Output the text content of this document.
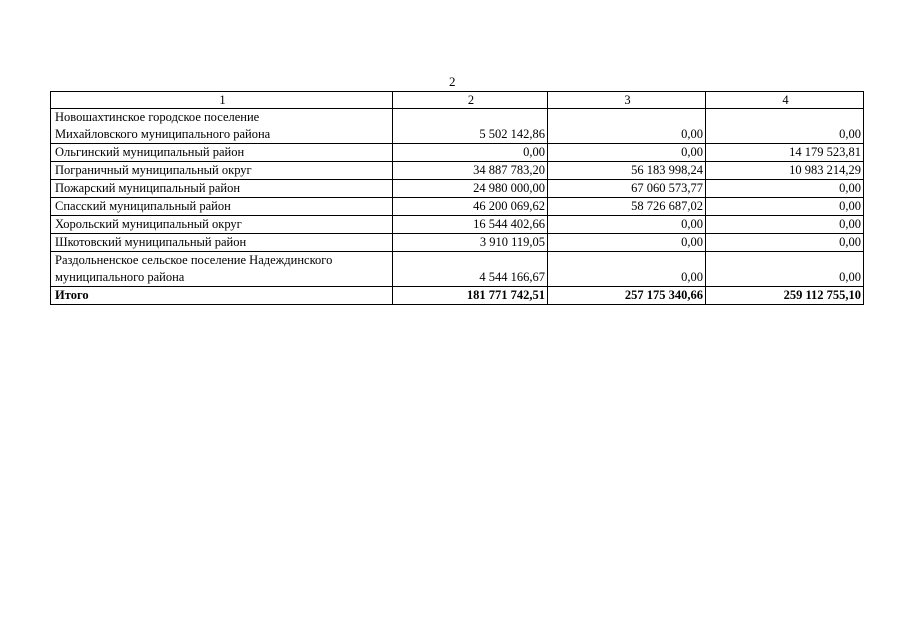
2
1	2	3	4

Новошахтинское городское поселение
Михайловского муниципального района	5 502 142,86	0,00	0,00
Ольгинский муниципальный район	0,00	0,00	14 179 523,81
Пограничный муниципальный округ	34 887 783,20	56 183 998,24	10 983 214,29
Пожарский муниципальный район	24 980 000,00	67 060 573,77	0,00
Спасский муниципальный район	46 200 069,62	58 726 687,02	0,00
Хорольский муниципальный округ	16 544 402,66	0,00	0,00
Шкотовский муниципальный район	3 910 119,05	0,00	0,00

Раздольненское сельское поселение Надеждинского
муниципального района	4 544 166,67	0,00	0,00
Итого	181 771 742,51	257 175 340,66	259 112 755,10
